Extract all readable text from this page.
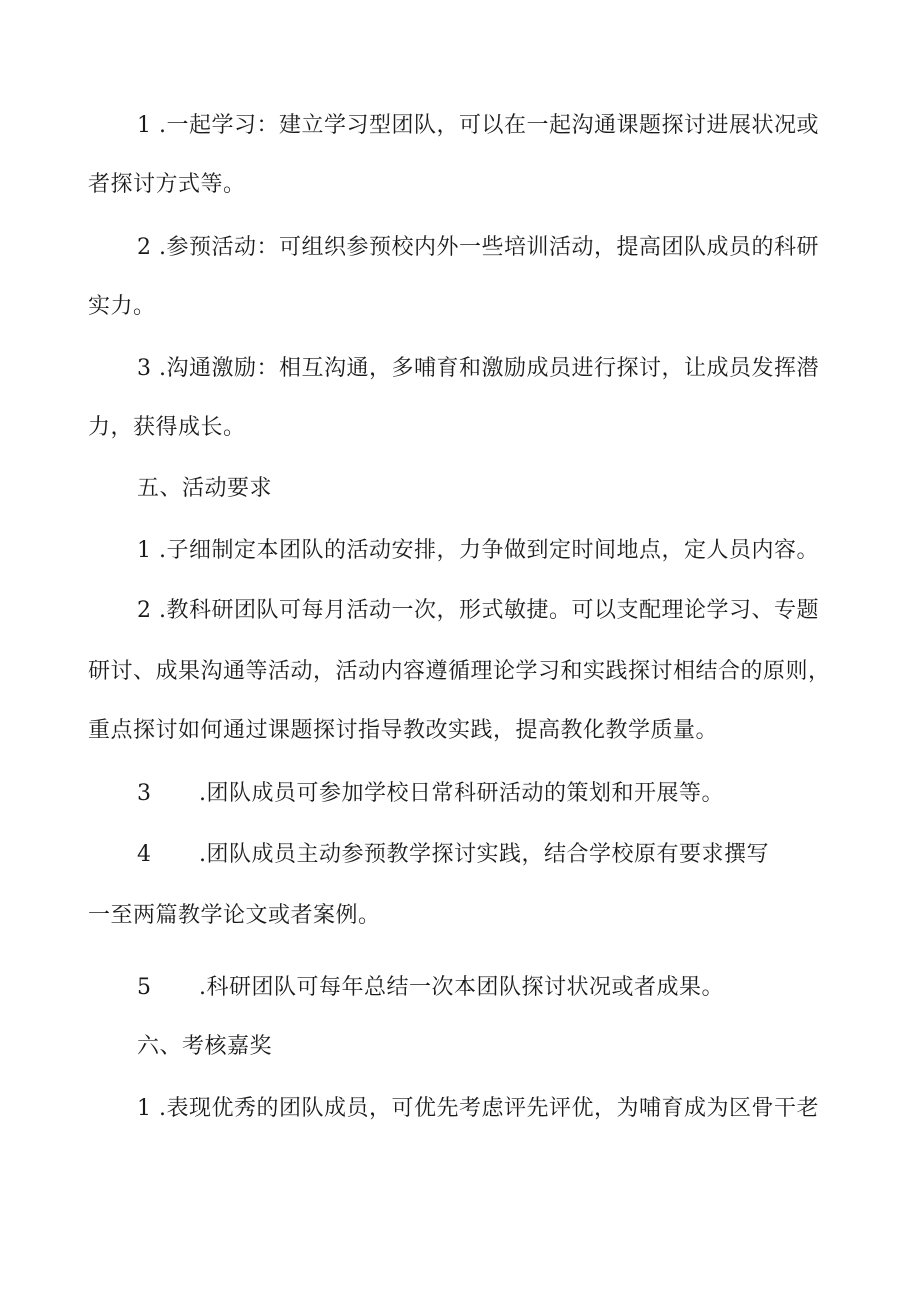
1 .一起学习：建立学习型团队，可以在一起沟通课题探讨进展状况或
者探讨方式等。
2 .参预活动：可组织参预校内外一些培训活动，提高团队成员的科研
实力。
3 .沟通激励：相互沟通，多哺育和激励成员进行探讨，让成员发挥潜
力，获得成长。
五、活动要求
1 .子细制定本团队的活动安排，力争做到定时间地点，定人员内容。
2 .教科研团队可每月活动一次，形式敏捷。可以支配理论学习、专题
研讨、成果沟通等活动，活动内容遵循理论学习和实践探讨相结合的原则，
重点探讨如何通过课题探讨指导教改实践，提高教化教学质量。
3 .团队成员可参加学校日常科研活动的策划和开展等。
4 .团队成员主动参预教学探讨实践，结合学校原有要求撰写
一至两篇教学论文或者案例。
5 .科研团队可每年总结一次本团队探讨状况或者成果。
六、考核嘉奖
1 .表现优秀的团队成员，可优先考虑评先评优，为哺育成为区骨干老
